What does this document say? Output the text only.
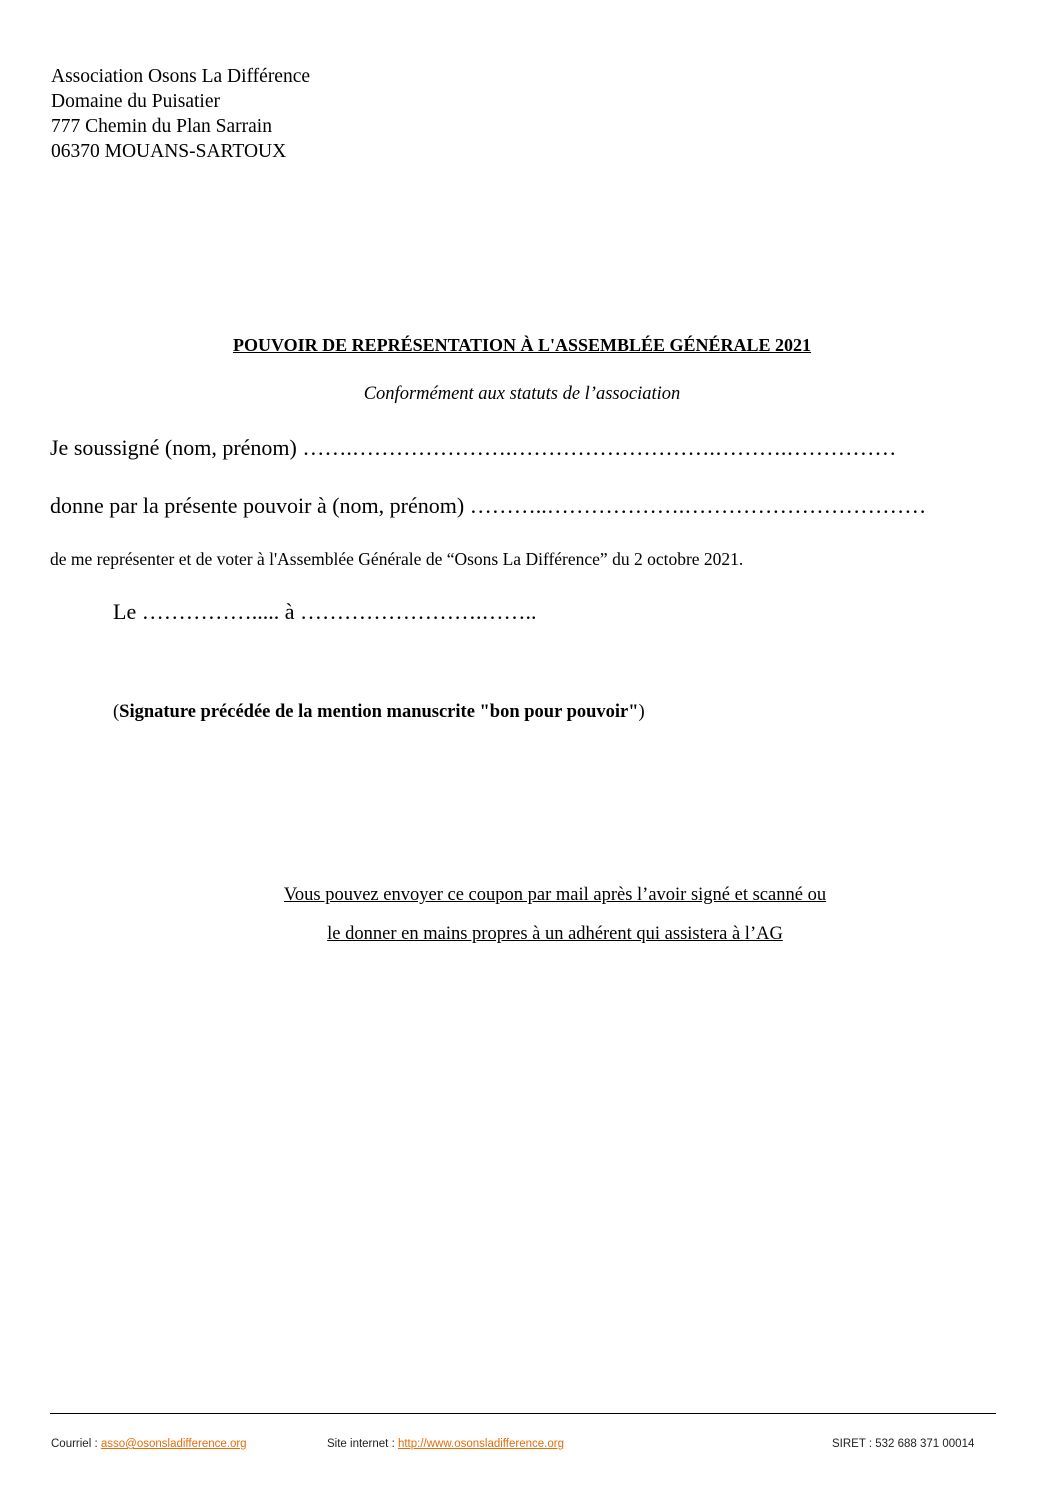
Association Osons La Différence
Domaine du Puisatier
777 Chemin du Plan Sarrain
06370 MOUANS-SARTOUX
POUVOIR DE REPRÉSENTATION À L'ASSEMBLÉE GÉNÉRALE 2021
Conformément aux statuts de l’association
Je soussigné (nom, prénom) …….………………….……………………….……….……………
donne par la présente pouvoir à (nom, prénom) ………..……………….……………………………
de me représenter et de voter à l'Assemblée Générale de “Osons La Différence” du 2 octobre 2021.
Le ……………..... à …………………….……..
(Signature précédée de la mention manuscrite "bon pour pouvoir")
Vous pouvez envoyer ce coupon par mail après l’avoir signé et scanné ou
le donner en mains propres à un adhérent qui assistera à l’AG
Courriel : asso@osonsladifference.org	Site internet : http://www.osonsladifference.org	SIRET : 532 688 371 00014
